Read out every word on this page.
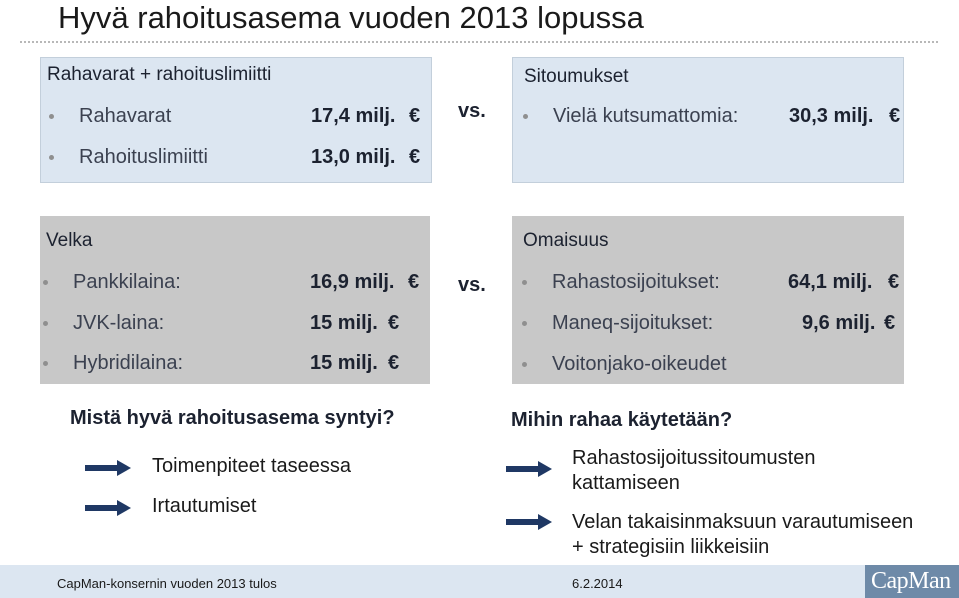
Hyvä rahoitusasema vuoden 2013 lopussa
Rahavarat + rahoituslimiitti
Rahavarat	17,4 milj. €
Rahoituslimiitti	13,0 milj. €
vs.
Sitoumukset
Vielä kutsumattomia:	30,3 milj. €
Velka
Pankkilaina:	16,9 milj. €
JVK-laina:	15 milj. €
Hybridilaina:	15 milj. €
vs.
Omaisuus
Rahastosijoitukset:	64,1 milj. €
Maneq-sijoitukset:	9,6 milj. €
Voitonjako-oikeudet
Mistä hyvä rahoitusasema syntyi?
Toimenpiteet taseessa
Irtautumiset
Mihin rahaa käytetään?
Rahastosijoitussitoumusten
kattamiseen
Velan takaisinmaksuun varautumiseen
+ strategisiin liikkeisiin
CapMan-konsernin vuoden 2013 tulos	6.2.2014	CapMan
